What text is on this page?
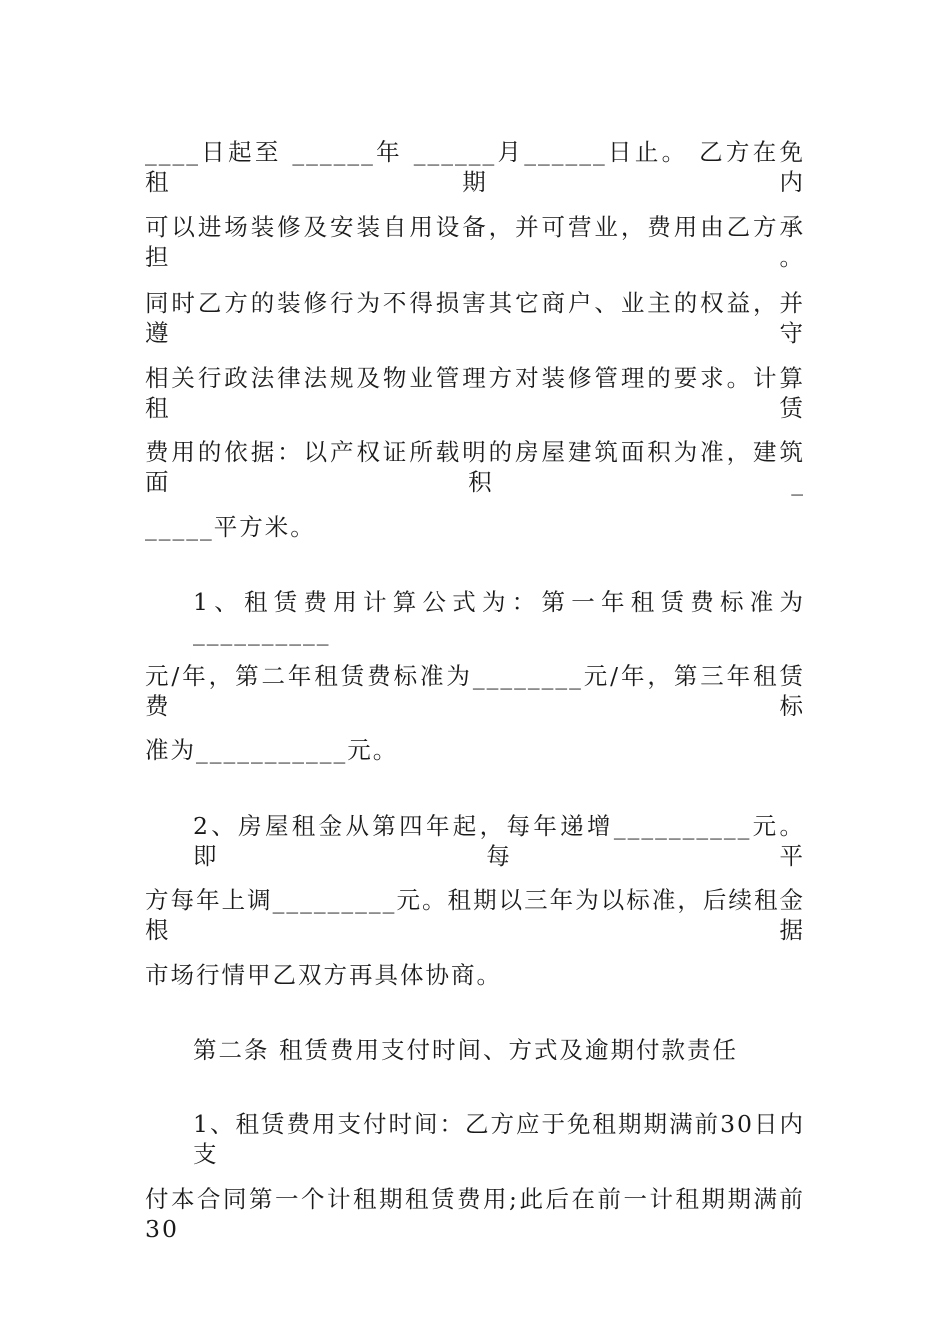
____日起至 ______年 ______月______日止。 乙方在免租期内
可以进场装修及安装自用设备，并可营业，费用由乙方承担。
同时乙方的装修行为不得损害其它商户、业主的权益，并遵守
相关行政法律法规及物业管理方对装修管理的要求。计算租赁
费用的依据：以产权证所载明的房屋建筑面积为准，建筑面积_
_____平方米。
1、租赁费用计算公式为：第一年租赁费标准为__________
元/年，第二年租赁费标准为________元/年，第三年租赁费标
准为___________元。
2、房屋租金从第四年起，每年递增__________元。即每平
方每年上调_________元。租期以三年为以标准，后续租金根据
市场行情甲乙双方再具体协商。
第二条 租赁费用支付时间、方式及逾期付款责任
1、租赁费用支付时间：乙方应于免租期期满前30日内支
付本合同第一个计租期租赁费用;此后在前一计租期期满前30
